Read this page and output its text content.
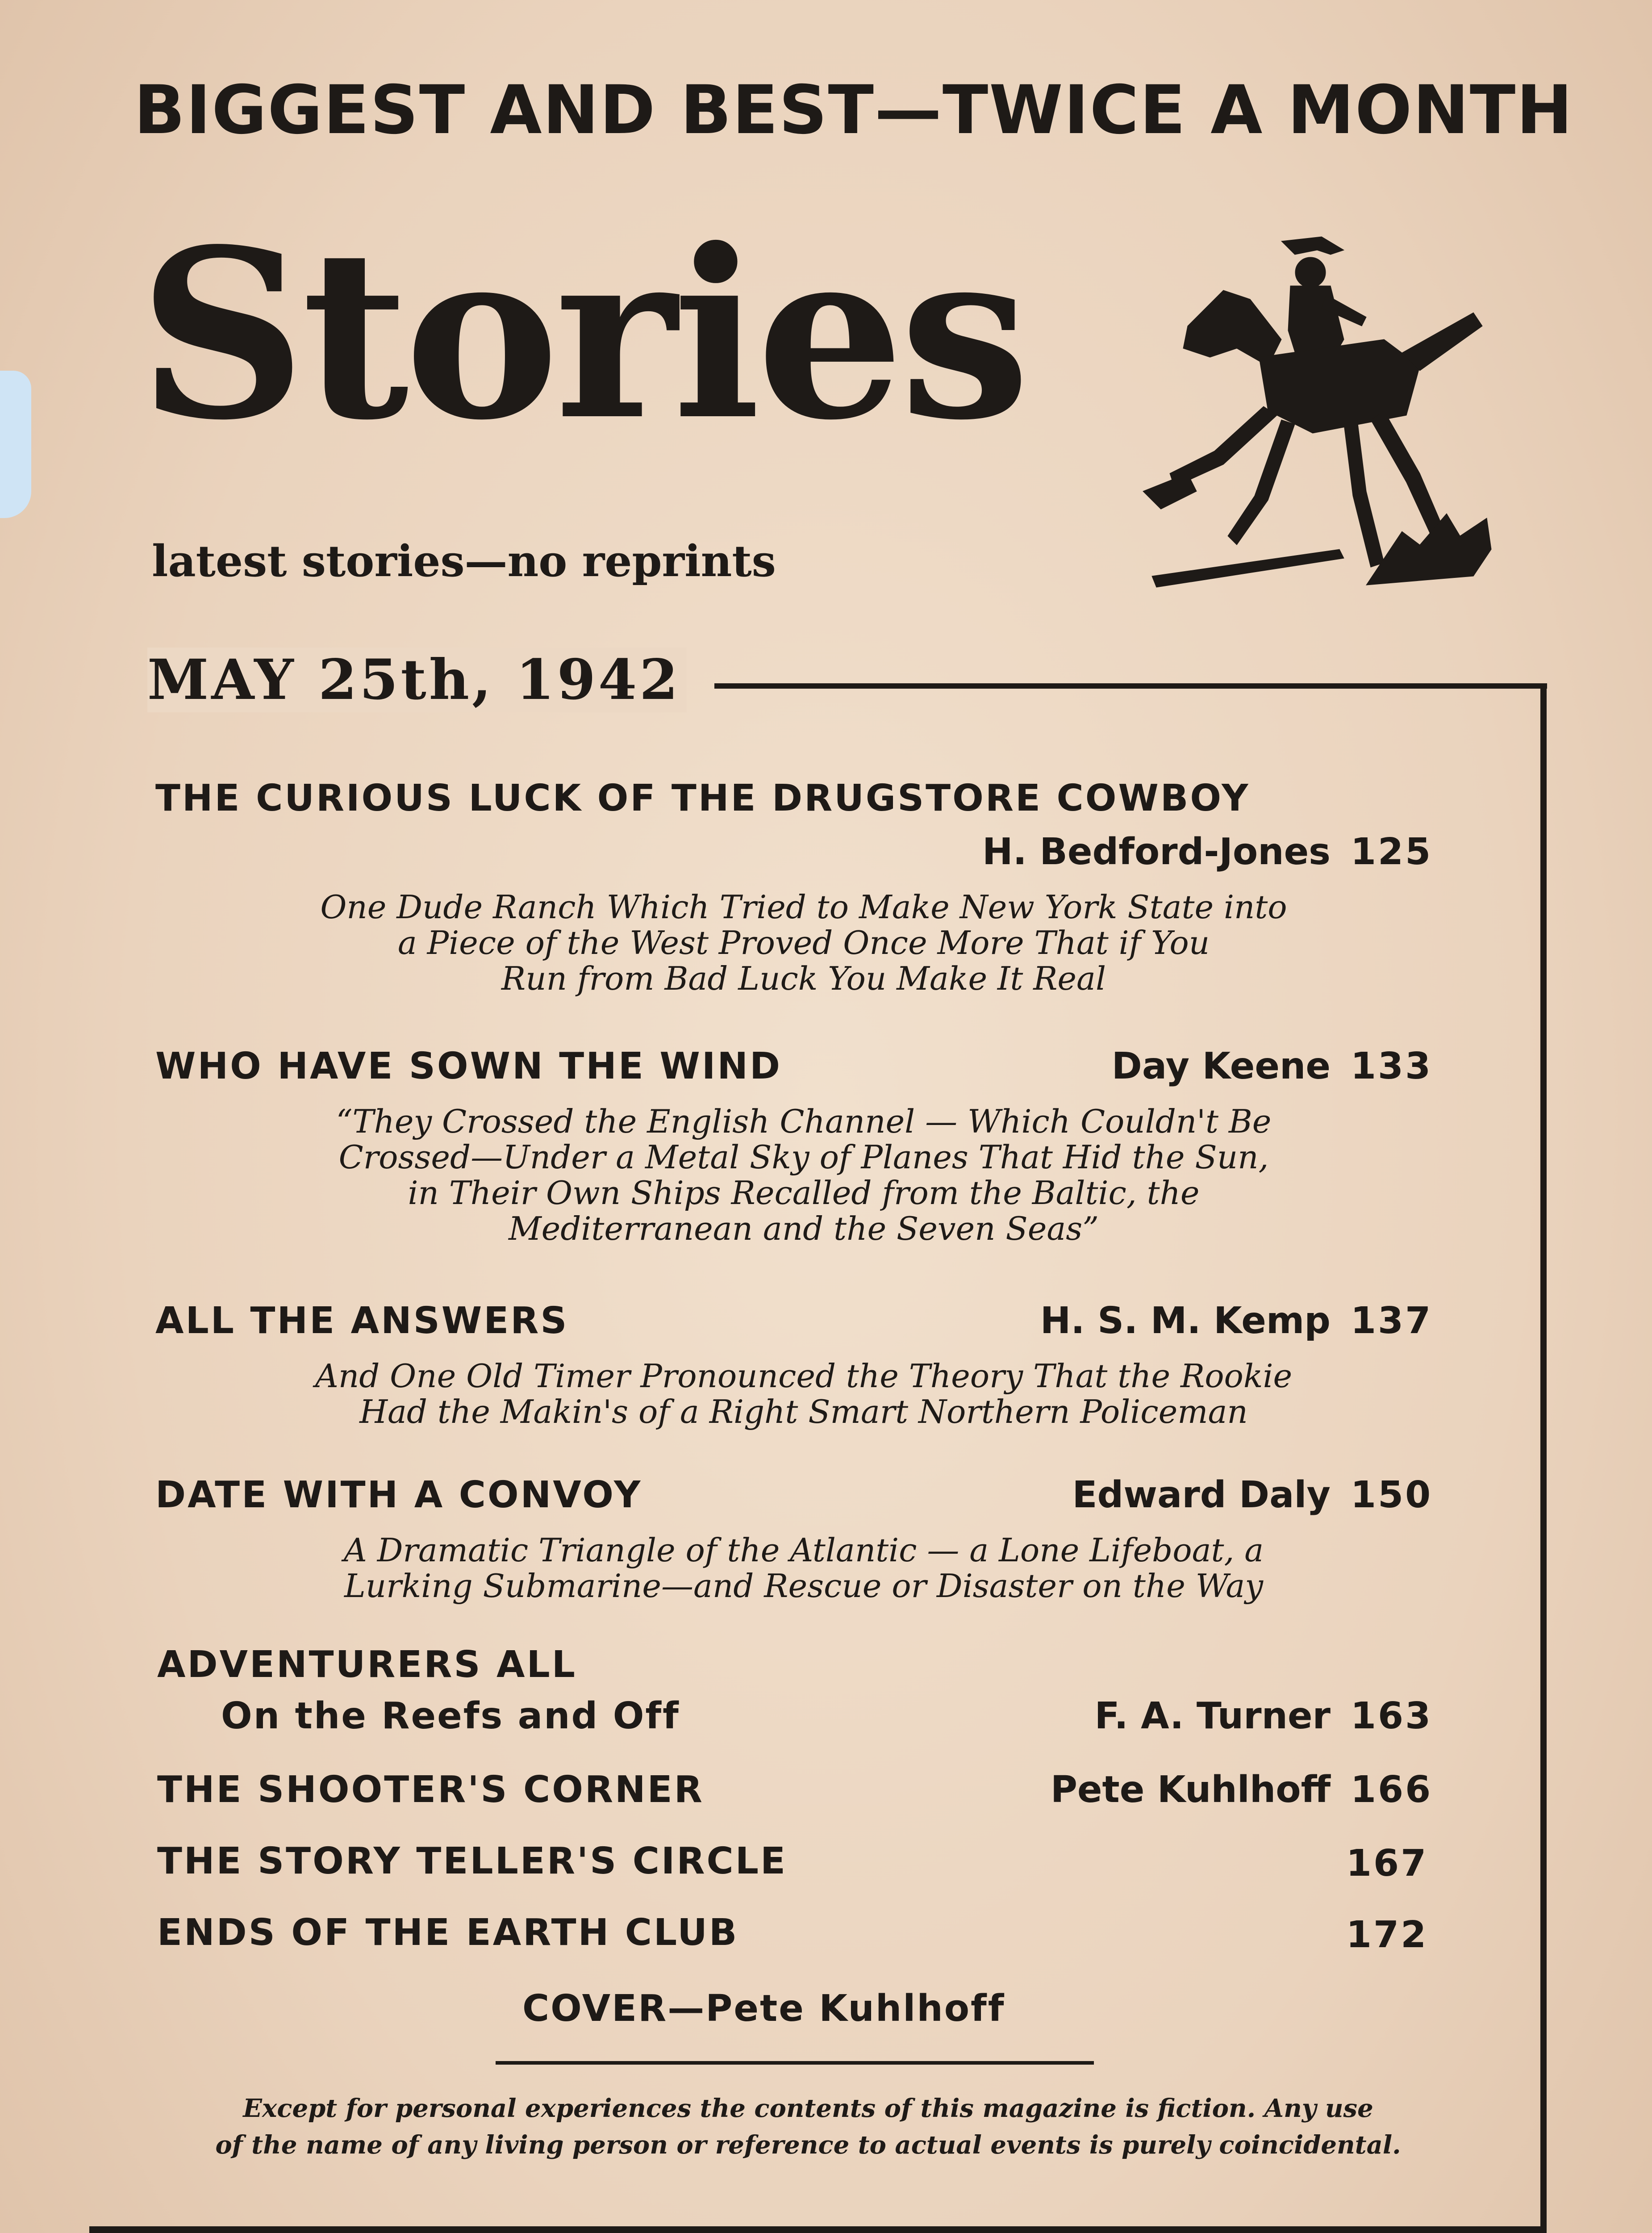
BIGGEST AND BEST—TWICE A MONTH
Stories
latest stories—no reprints
MAY 25th, 1942
THE CURIOUS LUCK OF THE DRUGSTORE COWBOY
H. Bedford-Jones 125
One Dude Ranch Which Tried to Make New York State into
a Piece of the West Proved Once More That if You
Run from Bad Luck You Make It Real
WHO HAVE SOWN THE WIND	Day Keene 133
“They Crossed the English Channel — Which Couldn't Be
Crossed—Under a Metal Sky of Planes That Hid the Sun,
in Their Own Ships Recalled from the Baltic, the
Mediterranean and the Seven Seas”
ALL THE ANSWERS	H. S. M. Kemp 137
And One Old Timer Pronounced the Theory That the Rookie
Had the Makin's of a Right Smart Northern Policeman
DATE WITH A CONVOY	Edward Daly 150
A Dramatic Triangle of the Atlantic — a Lone Lifeboat, a
Lurking Submarine—and Rescue or Disaster on the Way
ADVENTURERS ALL
On the Reefs and Off	F. A. Turner 163
THE SHOOTER'S CORNER	Pete Kuhlhoff 166
THE STORY TELLER'S CIRCLE	167
ENDS OF THE EARTH CLUB	172
COVER—Pete Kuhlhoff
Except for personal experiences the contents of this magazine is fiction. Any use
of the name of any living person or reference to actual events is purely coincidental.
